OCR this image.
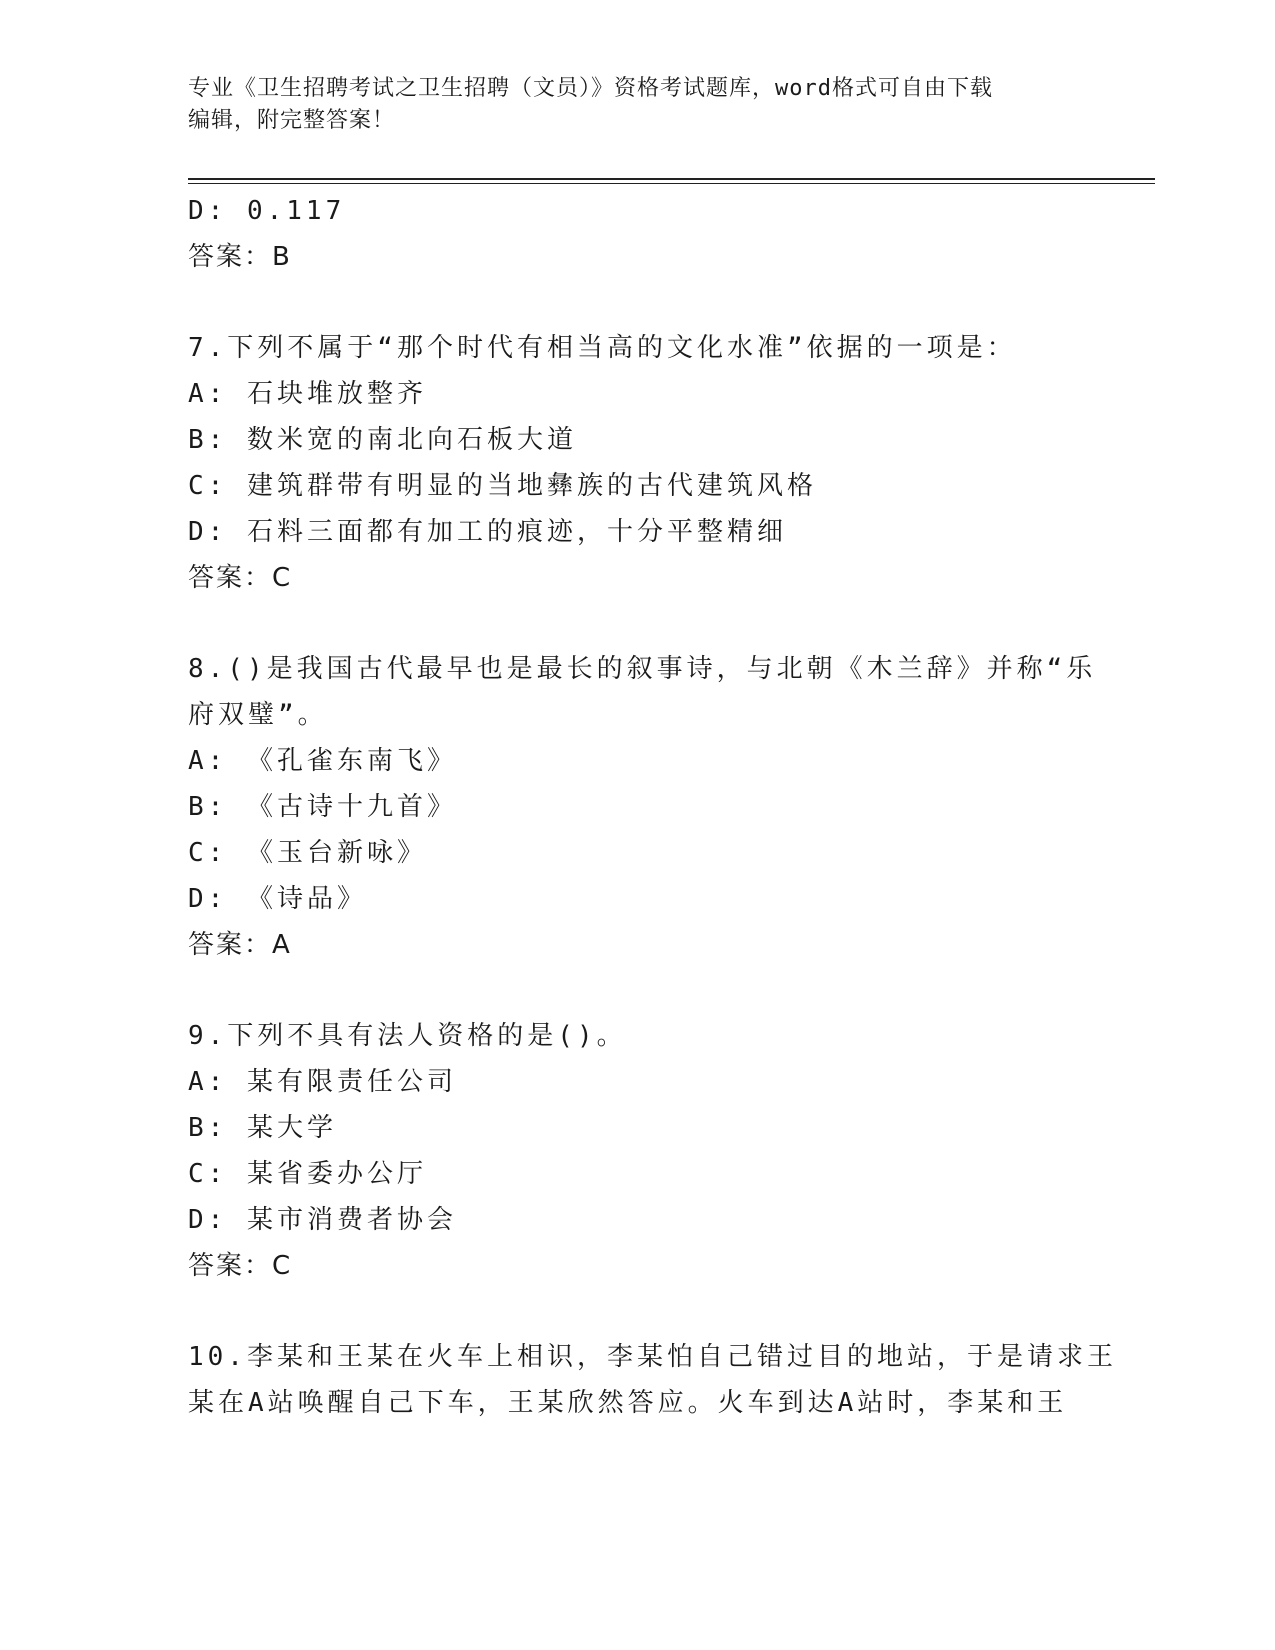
专业《卫生招聘考试之卫生招聘（文员）》资格考试题库，word格式可自由下载
编辑，附完整答案！
D: 0.117
答案：B
7.下列不属于“那个时代有相当高的文化水准”依据的一项是：
A: 石块堆放整齐
B: 数米宽的南北向石板大道
C: 建筑群带有明显的当地彝族的古代建筑风格
D: 石料三面都有加工的痕迹，十分平整精细
答案：C
8.()是我国古代最早也是最长的叙事诗，与北朝《木兰辞》并称“乐
府双璧”。
A: 《孔雀东南飞》
B: 《古诗十九首》
C: 《玉台新咏》
D: 《诗品》
答案：A
9.下列不具有法人资格的是()。
A: 某有限责任公司
B: 某大学
C: 某省委办公厅
D: 某市消费者协会
答案：C
10.李某和王某在火车上相识，李某怕自己错过目的地站，于是请求王
某在A站唤醒自己下车，王某欣然答应。火车到达A站时，李某和王
